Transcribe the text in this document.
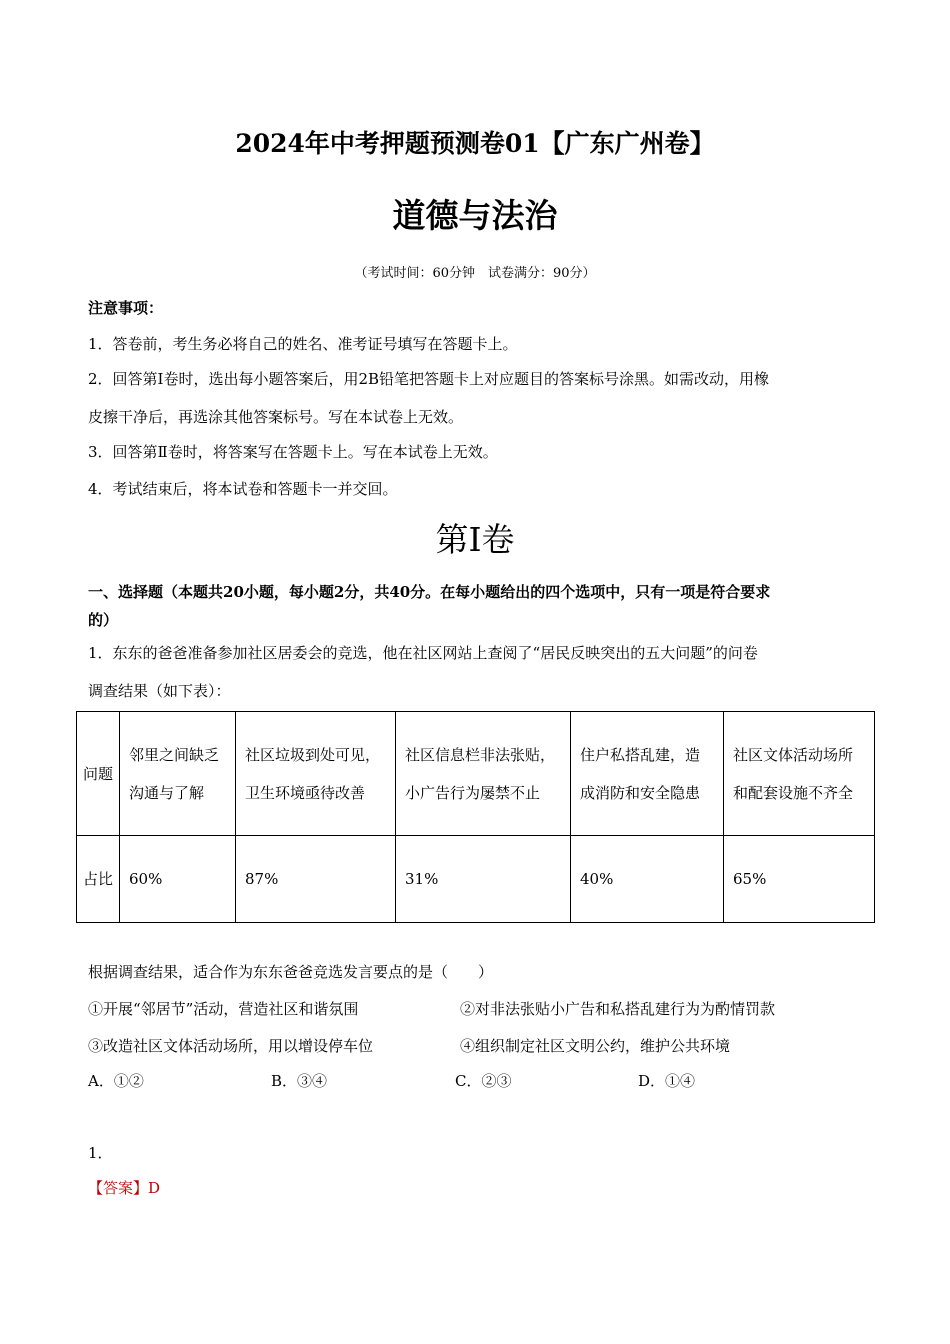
2024年中考押题预测卷01【广东广州卷】
道德与法治
（考试时间：60分钟　试卷满分：90分）
注意事项：
1．答卷前，考生务必将自己的姓名、准考证号填写在答题卡上。
2．回答第Ⅰ卷时，选出每小题答案后，用2B铅笔把答题卡上对应题目的答案标号涂黑。如需改动，用橡
皮擦干净后，再选涂其他答案标号。写在本试卷上无效。
3．回答第Ⅱ卷时，将答案写在答题卡上。写在本试卷上无效。
4．考试结束后，将本试卷和答题卡一并交回。
第Ⅰ卷
一、选择题（本题共20小题，每小题2分，共40分。在每小题给出的四个选项中，只有一项是符合要求
的）
1．东东的爸爸准备参加社区居委会的竞选，他在社区网站上查阅了“居民反映突出的五大问题”的问卷
调查结果（如下表）：
问题	邻里之间缺乏沟通与了解	社区垃圾到处可见，卫生环境亟待改善	社区信息栏非法张贴，小广告行为屡禁不止	住户私搭乱建，造成消防和安全隐患	社区文体活动场所和配套设施不齐全
占比	60%	87%	31%	40%	65%
根据调查结果，适合作为东东爸爸竞选发言要点的是（　　）
①开展“邻居节”活动，营造社区和谐氛围	②对非法张贴小广告和私搭乱建行为为酌情罚款
③改造社区文体活动场所，用以增设停车位	④组织制定社区文明公约，维护公共环境
A．①②	B．③④	C．②③	D．①④
1．
【答案】D
